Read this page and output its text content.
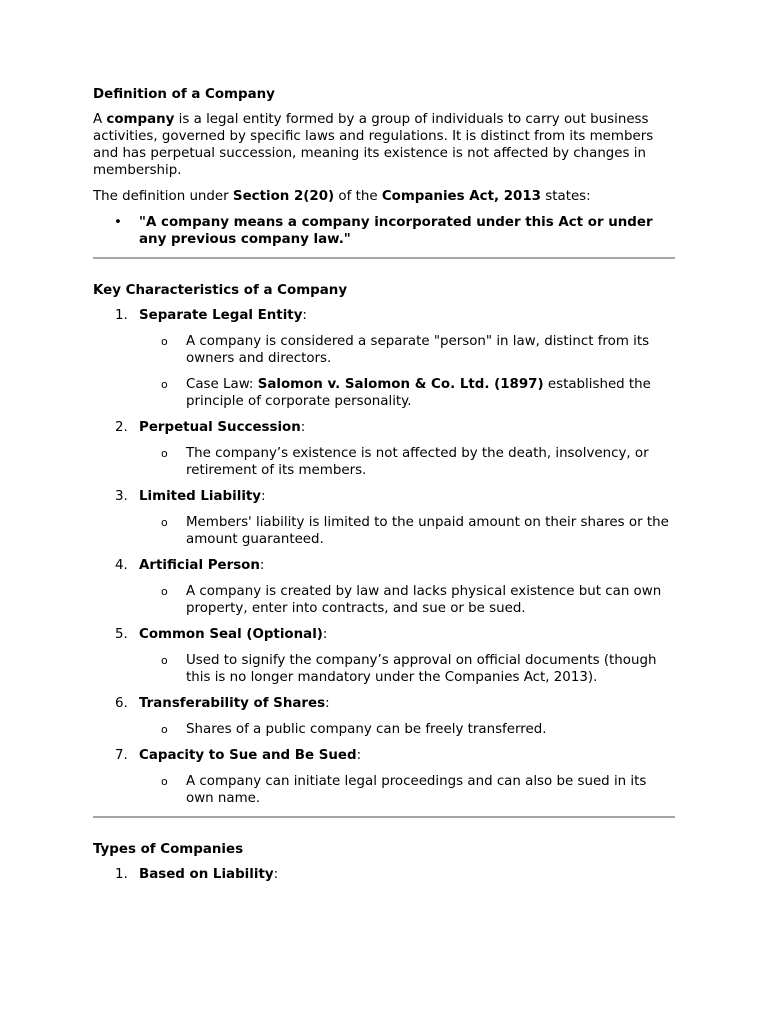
Definition of a Company

A company is a legal entity formed by a group of individuals to carry out business activities, governed by specific laws and regulations. It is distinct from its members and has perpetual succession, meaning its existence is not affected by changes in membership.

The definition under Section 2(20) of the Companies Act, 2013 states:

• "A company means a company incorporated under this Act or under any previous company law."
Key Characteristics of a Company
1. Separate Legal Entity:
o A company is considered a separate "person" in law, distinct from its owners and directors.
o Case Law: Salomon v. Salomon & Co. Ltd. (1897) established the principle of corporate personality.
2. Perpetual Succession:
o The company’s existence is not affected by the death, insolvency, or retirement of its members.
3. Limited Liability:
o Members' liability is limited to the unpaid amount on their shares or the amount guaranteed.
4. Artificial Person:
o A company is created by law and lacks physical existence but can own property, enter into contracts, and sue or be sued.
5. Common Seal (Optional):
o Used to signify the company’s approval on official documents (though this is no longer mandatory under the Companies Act, 2013).
6. Transferability of Shares:
o Shares of a public company can be freely transferred.
7. Capacity to Sue and Be Sued:
o A company can initiate legal proceedings and can also be sued in its own name.
Types of Companies
1. Based on Liability:
